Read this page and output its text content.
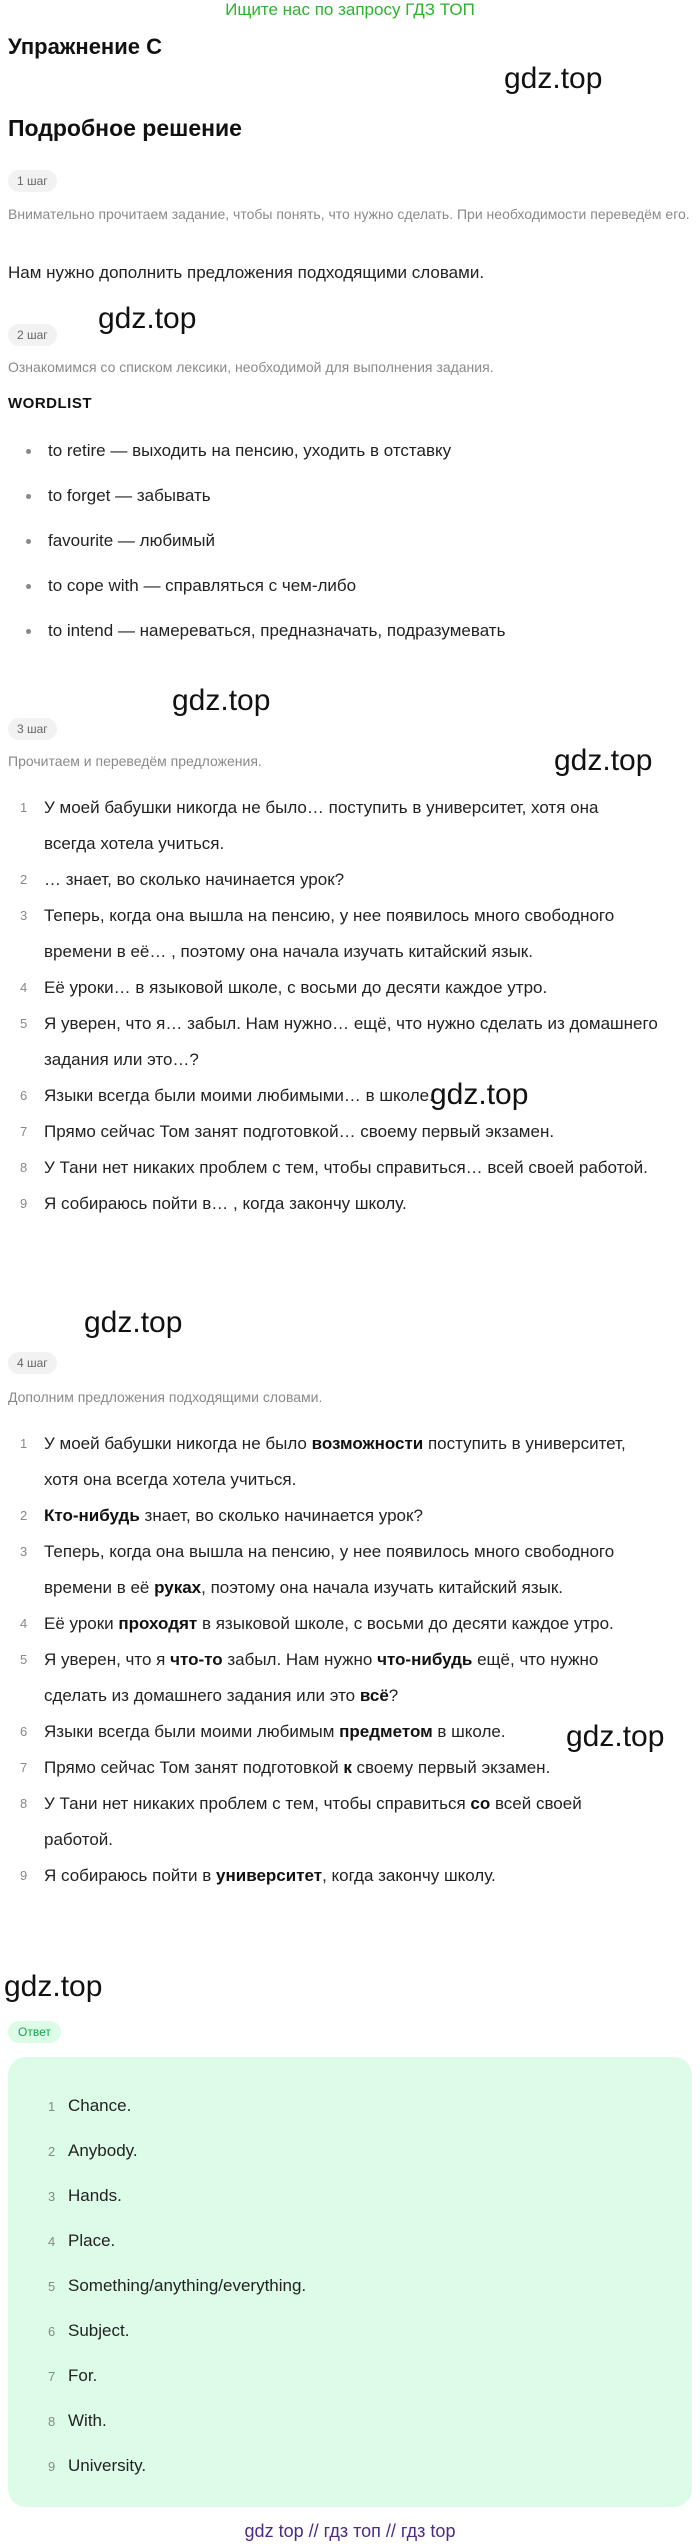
Ищите нас по запросу ГДЗ ТОП
Упражнение C
Подробное решение
gdz.top
gdz.top
gdz.top
gdz.top
gdz.top
gdz.top
gdz.top
gdz.top
1 шаг
Внимательно прочитаем задание, чтобы понять, что нужно сделать. При необходимости переведём его.
Нам нужно дополнить предложения подходящими словами.
2 шаг
Ознакомимся со списком лексики, необходимой для выполнения задания.
WORDLIST
to retire — выходить на пенсию, уходить в отставку
to forget — забывать
favourite — любимый
to cope with — справляться с чем-либо
to intend — намереваться, предназначать, подразумевать
3 шаг
Прочитаем и переведём предложения.
1 У моей бабушки никогда не было… поступить в университет, хотя она
всегда хотела учиться.
2 … знает, во сколько начинается урок?
3 Теперь, когда она вышла на пенсию, у нее появилось много свободного
времени в её… , поэтому она начала изучать китайский язык.
4 Её уроки… в языковой школе, с восьми до десяти каждое утро.
5 Я уверен, что я… забыл. Нам нужно… ещё, что нужно сделать из домашнего
задания или это…?
6 Языки всегда были моими любимыми… в школе.
7 Прямо сейчас Том занят подготовкой… своему первый экзамен.
8 У Тани нет никаких проблем с тем, чтобы справиться… всей своей работой.
9 Я собираюсь пойти в… , когда закончу школу.
4 шаг
Дополним предложения подходящими словами.
1 У моей бабушки никогда не было возможности поступить в университет,
хотя она всегда хотела учиться.
2 Кто-нибудь знает, во сколько начинается урок?
3 Теперь, когда она вышла на пенсию, у нее появилось много свободного
времени в её руках, поэтому она начала изучать китайский язык.
4 Её уроки проходят в языковой школе, с восьми до десяти каждое утро.
5 Я уверен, что я что-то забыл. Нам нужно что-нибудь ещё, что нужно
сделать из домашнего задания или это всё?
6 Языки всегда были моими любимым предметом в школе.
7 Прямо сейчас Том занят подготовкой к своему первый экзамен.
8 У Тани нет никаких проблем с тем, чтобы справиться со всей своей
работой.
9 Я собираюсь пойти в университет, когда закончу школу.
Ответ
1 Chance.
2 Anybody.
3 Hands.
4 Place.
5 Something/anything/everything.
6 Subject.
7 For.
8 With.
9 University.
gdz top // гдз топ // гдз top
